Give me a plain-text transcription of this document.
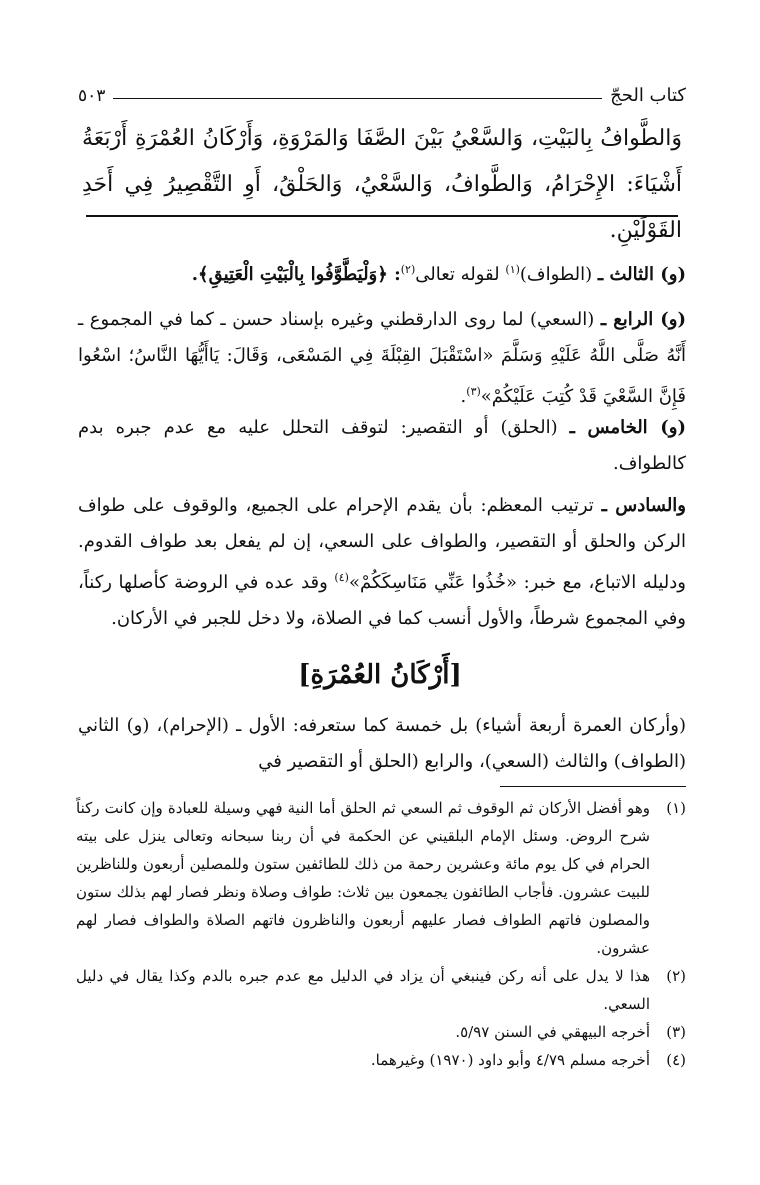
كتاب الحجّ
٥٠٣
وَالطَّوافُ بِالبَيْتِ، وَالسَّعْيُ بَيْنَ الصَّفَا وَالمَرْوَةِ، وَأَرْكَانُ العُمْرَةِ أَرْبَعَةُ أَشْيَاءَ: الإِحْرَامُ، وَالطَّوافُ، وَالسَّعْيُ، وَالحَلْقُ، أَوِ التَّقْصِيرُ فِي أَحَدِ القَوْلَيْنِ.

(و) الثالث ـ (الطواف)$^{(١)}$ لقوله تعالى$^{(٢)}$: ﴿وَلْيَطَّوَّفُوا بِالْبَيْتِ الْعَتِيقِ﴾.

(و) الرابع ـ (السعي) لما روى الدارقطني وغيره بإسناد حسن ـ كما في المجموع ـ أَنَّهُ صَلَّى اللَّهُ عَلَيْهِ وَسَلَّمَ «اسْتَقْبَلَ القِبْلَةَ فِي المَسْعَى، وَقَالَ: يَاأَيُّهَا النَّاسُ؛ اسْعُوا فَإِنَّ السَّعْيَ قَدْ كُتِبَ عَلَيْكُمْ»$^{(٣)}$.

(و) الخامس ـ (الحلق) أو التقصير: لتوقف التحلل عليه مع عدم جبره بدم كالطواف.

والسادس ـ ترتيب المعظم: بأن يقدم الإحرام على الجميع، والوقوف على طواف الركن والحلق أو التقصير، والطواف على السعي، إن لم يفعل بعد طواف القدوم. ودليله الاتباع، مع خبر: «خُذُوا عَنِّي مَنَاسِكَكُمْ»$^{(٤)}$ وقد عده في الروضة كأصلها ركناً، وفي المجموع شرطاً، والأول أنسب كما في الصلاة، ولا دخل للجبر في الأركان.

[أَرْكَانُ العُمْرَةِ]

(وأركان العمرة أربعة أشياء) بل خمسة كما ستعرفه: الأول ـ (الإحرام)، (و) الثاني (الطواف) والثالث (السعي)، والرابع (الحلق أو التقصير في

(١)
وهو أفضل الأركان ثم الوقوف ثم السعي ثم الحلق أما النية فهي وسيلة للعبادة وإن كانت ركناً شرح الروض. وسئل الإمام البلقيني عن الحكمة في أن ربنا سبحانه وتعالى ينزل على بيته الحرام في كل يوم مائة وعشرين رحمة من ذلك للطائفين ستون وللمصلين أربعون وللناظرين للبيت عشرون. فأجاب الطائفون يجمعون بين ثلاث: طواف وصلاة ونظر فصار لهم بذلك ستون والمصلون فاتهم الطواف فصار عليهم أربعون والناظرون فاتهم الصلاة والطواف فصار لهم عشرون.
(٢)
هذا لا يدل على أنه ركن فينبغي أن يزاد في الدليل مع عدم جبره بالدم وكذا يقال في دليل السعي.
(٣)
أخرجه البيهقي في السنن ٥/٩٧.
(٤)
أخرجه مسلم ٤/٧٩ وأبو داود (١٩٧٠) وغيرهما.
